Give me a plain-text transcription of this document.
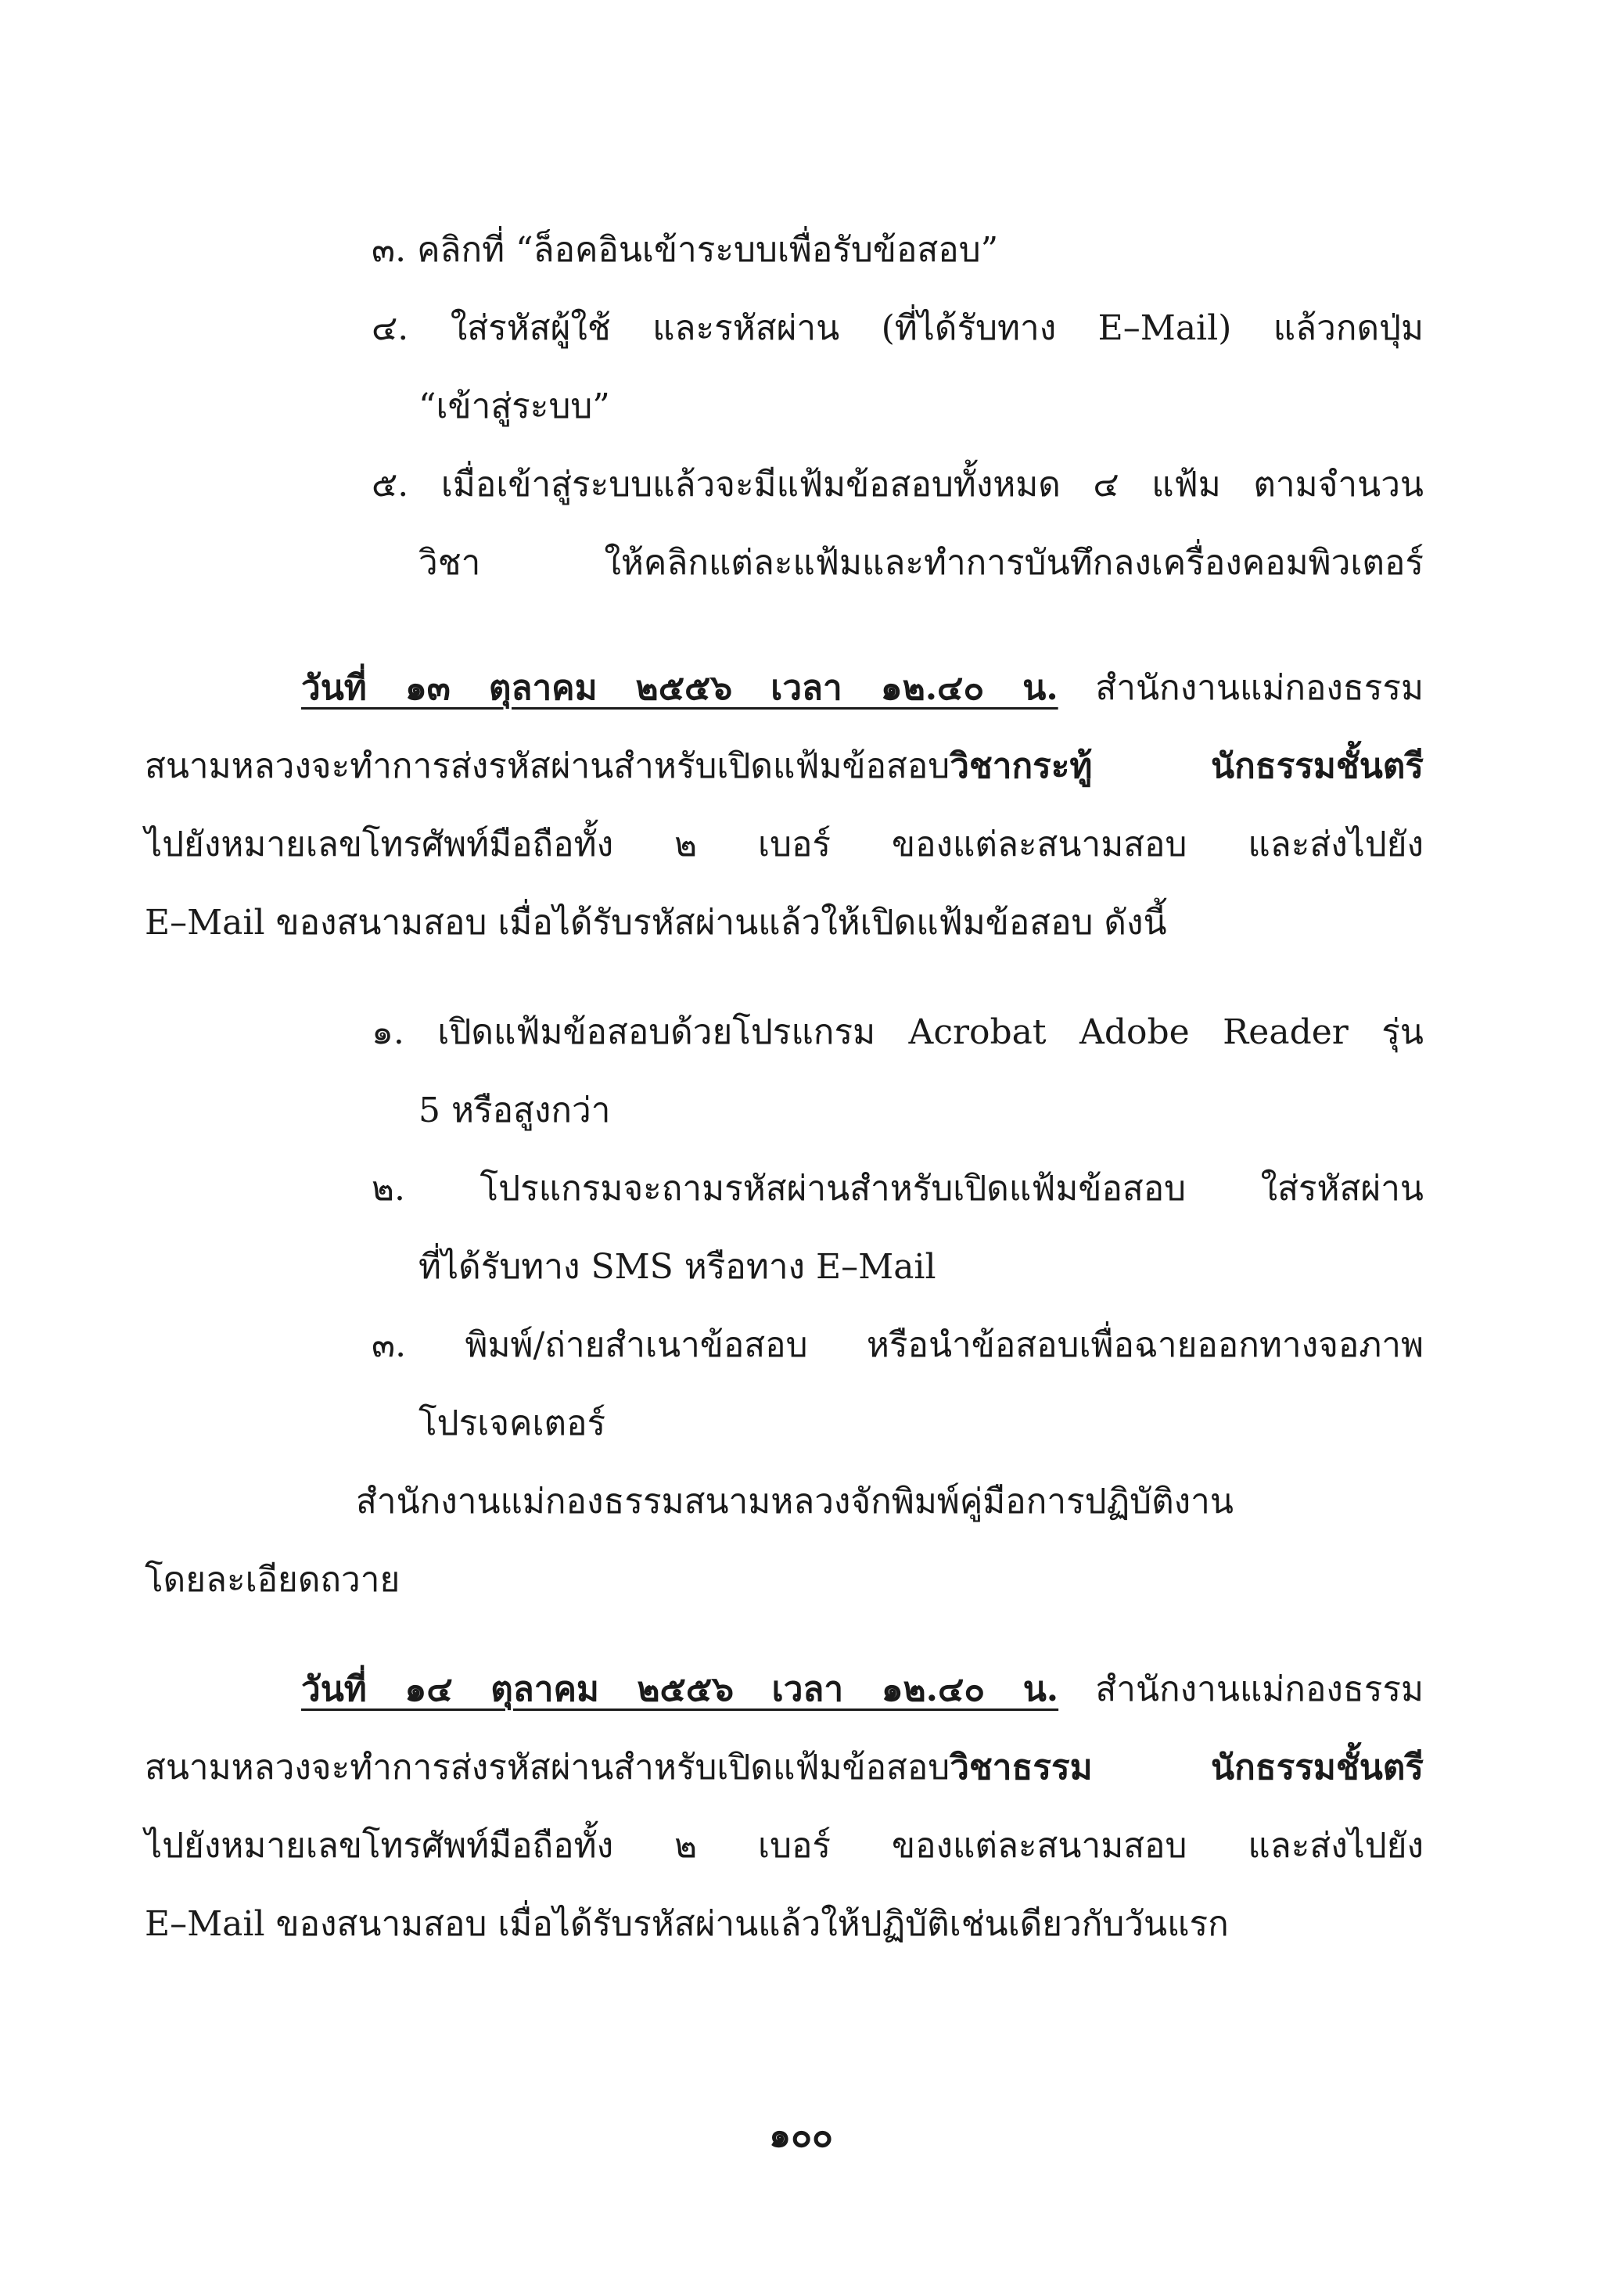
๓. คลิกที่ “ล็อคอินเข้าระบบเพื่อรับข้อสอบ”
๔. ใส่รหัสผู้ใช้ และรหัสผ่าน (ที่ได้รับทาง E–Mail) แล้วกดปุ่ม
“เข้าสู่ระบบ”
๕. เมื่อเข้าสู่ระบบแล้วจะมีแฟ้มข้อสอบทั้งหมด ๔ แฟ้ม ตามจำนวน
วิชา ให้คลิกแต่ละแฟ้มและทำการบันทึกลงเครื่องคอมพิวเตอร์
วันที่ ๑๓ ตุลาคม ๒๕๕๖ เวลา ๑๒.๔๐ น. สำนักงานแม่กองธรรม
สนามหลวงจะทำการส่งรหัสผ่านสำหรับเปิดแฟ้มข้อสอบวิชากระทู้ นักธรรมชั้นตรี
ไปยังหมายเลขโทรศัพท์มือถือทั้ง ๒ เบอร์ ของแต่ละสนามสอบ และส่งไปยัง
E–Mail ของสนามสอบ เมื่อได้รับรหัสผ่านแล้วให้เปิดแฟ้มข้อสอบ ดังนี้
๑. เปิดแฟ้มข้อสอบด้วยโปรแกรม Acrobat Adobe Reader รุ่น
5 หรือสูงกว่า
๒. โปรแกรมจะถามรหัสผ่านสำหรับเปิดแฟ้มข้อสอบ ใส่รหัสผ่าน
ที่ได้รับทาง SMS หรือทาง E–Mail
๓. พิมพ์/ถ่ายสำเนาข้อสอบ หรือนำข้อสอบเพื่อฉายออกทางจอภาพ
โปรเจคเตอร์
สำนักงานแม่กองธรรมสนามหลวงจักพิมพ์คู่มือการปฏิบัติงาน
โดยละเอียดถวาย
วันที่ ๑๔ ตุลาคม ๒๕๕๖ เวลา ๑๒.๔๐ น. สำนักงานแม่กองธรรม
สนามหลวงจะทำการส่งรหัสผ่านสำหรับเปิดแฟ้มข้อสอบวิชาธรรม นักธรรมชั้นตรี
ไปยังหมายเลขโทรศัพท์มือถือทั้ง ๒ เบอร์ ของแต่ละสนามสอบ และส่งไปยัง
E–Mail ของสนามสอบ เมื่อได้รับรหัสผ่านแล้วให้ปฏิบัติเช่นเดียวกับวันแรก
๑๐๐
